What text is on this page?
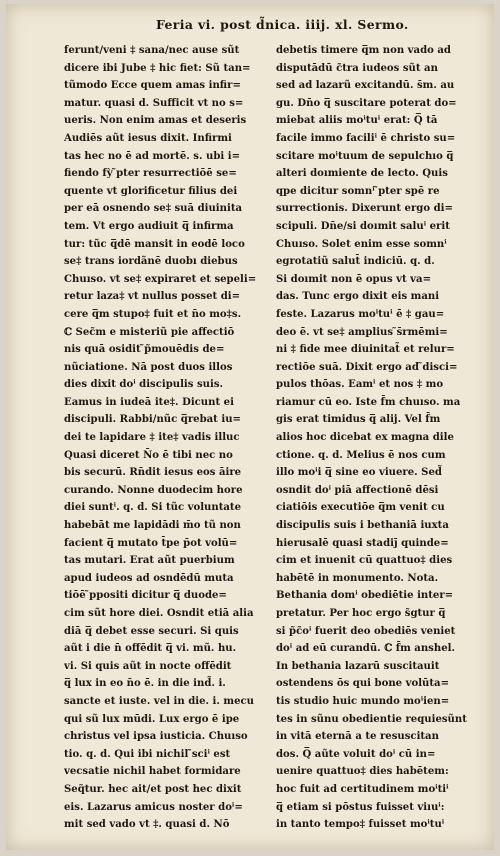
Feria vi. post d̃nica. iiij. xl. Sermo.
ferunt/veni ‡ sana/nec ause sũt
dicere ibi Jube ‡ hic fiet: Sũ tan=
tũmodo Ecce quem amas infir=
matur. quasi d. Sufficit vt no s=
ueris. Non enim amas et deseris
Audiēs aũt iesus dixit. Infirmi
tas hec no ē ad mortē. s. ubi i=
fiendo fỳ ̃pter resurrectiōē se=
quente vt glorificetur filius dei
per eā osnendo se‡ suā diuinita
tem. Vt ergo audiuit q̅ infirma
tur: tũc q̅dē mansit in eodē loco
se‡ trans iordãnē duobı diebus
Chuıso. vt se‡ expiraret et sepeli=
retur laza‡ vt nullus posset di=
cere q̅m stupo‡ fuit et n̄o mo‡s.
ℂ Sec̃m e misteriũ pie affectiō
nis quā osidit ̃p̃mouēdis de=
nũciatione. Nā post duos illos
dies dixit doⁱ discipulis suis.
Eamus in iudeā ite‡. Dicunt ei
discipuli. Rabbi/nũc q̅rebat iu=
dei te lapidare ‡ ite‡ vadis illuc
Quasi diceret N̄o ē tibi nec no
bis securū. Rn̄dit iesus eos āire
curando. Nonne duodecim hore
diei suntⁱ. q. d. Si tũc voluntate
habebāt me lapidādi m̄o tũ non
facient q̅ mutato t̄pe p̄ot volū=
tas mutari. Erat aũt puerbium
apud iudeos ad osndēdū muta
tiōē ̃ppositi dicitur q̅ duode=
cim sũt hore diei. Osndit etiā alia
diā q̅ debet esse securi. Si quis
aũt i die n̄ offēdit q̅ vi. mũ. hu.
vi. Si quis aũt in nocte offēdit
q̅ lux in eo n̄o ē. in die ind̃. i.
sancte et iuste. vel in die. i. mecu
qui sũ lux mūdi. Lux ergo ē ipe
christus vel ipsa iusticia. Chuıso
tio. q. d. Qui ibi nichil ̃sciⁱ est
vecsatie nichil habet formidare
Seq̃tur. hec ait/et post hec dixit
eis. Lazarus amicus noster doⁱ=
mit sed vado vt ‡. quasi d. Nō
debetis timere q̅m non vado ad
disputādū c̃tra iudeos sũt an
sed ad lazarũ excitandū. s̄m. au
gu. Dn̄o q̅ suscitare poterat do=
miebat aliis moⁱtuⁱ erat: Q̅ tā
facile immo faciliⁱ ē christo su=
scitare moⁱtuum de sepulchıo q̅
alteri doımiente de lecto. Quis
̃qpe dicitur somnⁱ ̃pter spē re
surrectionis. Dixerunt ergo di=
scipuli. Dn̄e/si doımit saluⁱ erit
Chuıso. Solet enim esse somnⁱ
egrotatiũ salut̄ indiciū. q. d.
Si doımit non ē opus vt va=
das. Tunc ergo dixit eis mani
feste. Lazarus moⁱtuⁱ ē ‡ gau=
deo ē. vt se‡ amplius ̃s̄rmēmi=
ni ‡ fide mee diuinitat̃ et relur=
rectiōe suā. Dixit ergo ad ̃disci=
pulos thōas. Eamⁱ et nos ‡ mo
riamur cū eo. Iste f̄m chuıso. ma
gis erat timidus q̅ alij. Vel f̄m
alios hoc dicebat ex magna dile
ctione. q. d. Melius ē nos cum
illo moⁱi q̅ sine eo viuere. Sed̃
osndit doⁱ piā affectionē dēsi
ciatiōis executiōe q̅m venit cu
discipulis suis i bethaniā iuxta
hierusalē quasi stadij̄ quinde=
cim et inuenit cū quattuo‡ dies
habētē in monumento. Nota.
Bethania domⁱ obediētie inter=
pretatur. Per hoc ergo s̃gtur q̅
si p̃c̃oⁱ fuerit deo obediēs veniet
doⁱ ad eū curandū. ℂ f̄m anshel.
In bethania lazarū suscitauit
ostendens ōs qui bone volūta=
tis studio huic mundo moⁱien=
tes in sũnu obedientie requiesũnt
in vitā eternā a te resuscitan
dos. Q̅ aũte voluit doⁱ cū in=
uenire quattuo‡ dies habētem:
hoc fuit ad certitudinem moⁱtiⁱ
q̅ etiam si pōstus fuisset viıuⁱ:
in tanto tempo‡ fuisset moⁱtuⁱ
